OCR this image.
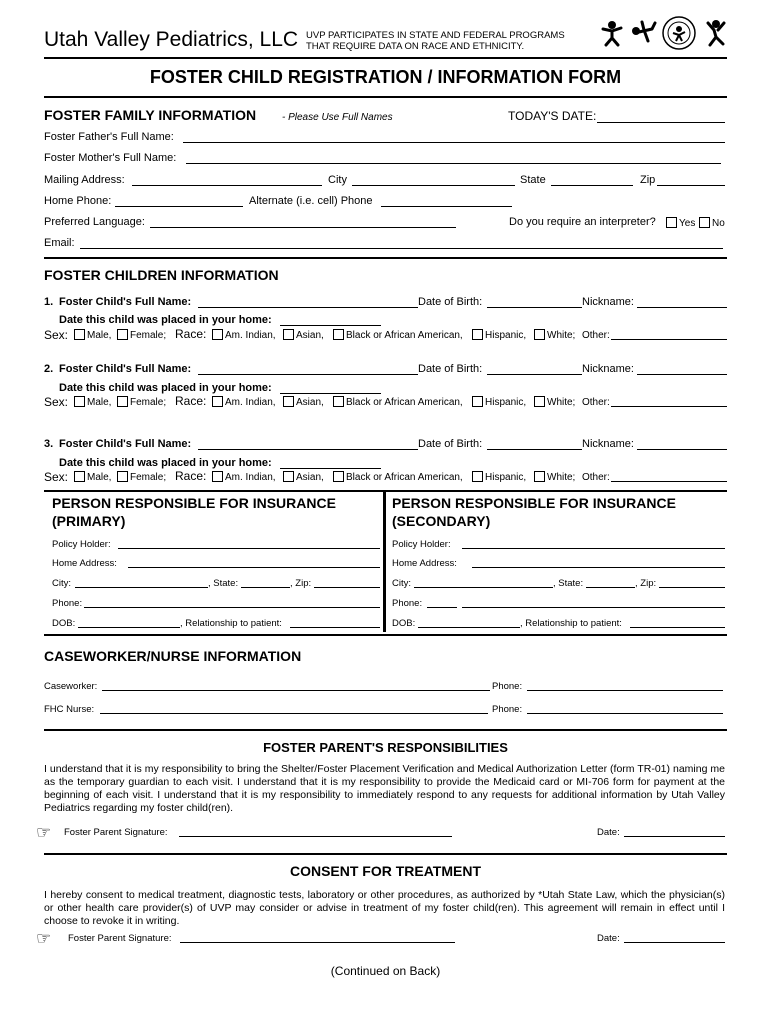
Utah Valley Pediatrics, LLC UVP PARTICIPATES IN STATE AND FEDERAL PROGRAMS
THAT REQUIRE DATA ON RACE AND ETHNICITY.
FOSTER CHILD REGISTRATION / INFORMATION FORM
FOSTER FAMILY INFORMATION	- Please Use Full Names	TODAY'S DATE:
Foster Father's Full Name:
Foster Mother's Full Name:
Mailing Address:	City	State	Zip
Home Phone:	Alternate (i.e. cell) Phone
Preferred Language:	Do you require an interpreter? Yes No
Email:
FOSTER CHILDREN INFORMATION
1. Foster Child's Full Name:	Date of Birth:	Nickname:
Date this child was placed in your home:
Sex: Male, Female; Race: Am. Indian, Asian, Black or African American, Hispanic, White; Other:
2. Foster Child's Full Name:	Date of Birth:	Nickname:
Date this child was placed in your home:
Sex: Male, Female; Race: Am. Indian, Asian, Black or African American, Hispanic, White; Other:
3. Foster Child's Full Name:	Date of Birth:	Nickname:
Date this child was placed in your home:
Sex: Male, Female; Race: Am. Indian, Asian, Black or African American, Hispanic, White; Other:
PERSON RESPONSIBLE FOR INSURANCE
(PRIMARY)
PERSON RESPONSIBLE FOR INSURANCE
(SECONDARY)
Policy Holder:
Home Address:
City:	, State:	, Zip:
Phone:
DOB:	, Relationship to patient:
Policy Holder:
Home Address:
City:	, State:	, Zip:
Phone:
DOB:	, Relationship to patient:
CASEWORKER/NURSE INFORMATION
Caseworker:	Phone:
FHC Nurse:	Phone:
FOSTER PARENT'S RESPONSIBILITIES
I understand that it is my responsibility to bring the Shelter/Foster Placement Verification and Medical Authorization Letter (form TR-01) naming me as the temporary guardian to each visit. I understand that it is my responsibility to provide the Medicaid card or MI-706 form for payment at the beginning of each visit. I understand that it is my responsibility to immediately respond to any requests for additional information by Utah Valley Pediatrics regarding my foster child(ren).
☞ Foster Parent Signature:	Date:
CONSENT FOR TREATMENT
I hereby consent to medical treatment, diagnostic tests, laboratory or other procedures, as authorized by *Utah State Law, which the physician(s) or other health care provider(s) of UVP may consider or advise in treatment of my foster child(ren). This agreement will remain in effect until I choose to revoke it in writing.
☞ Foster Parent Signature:	Date:
(Continued on Back)
